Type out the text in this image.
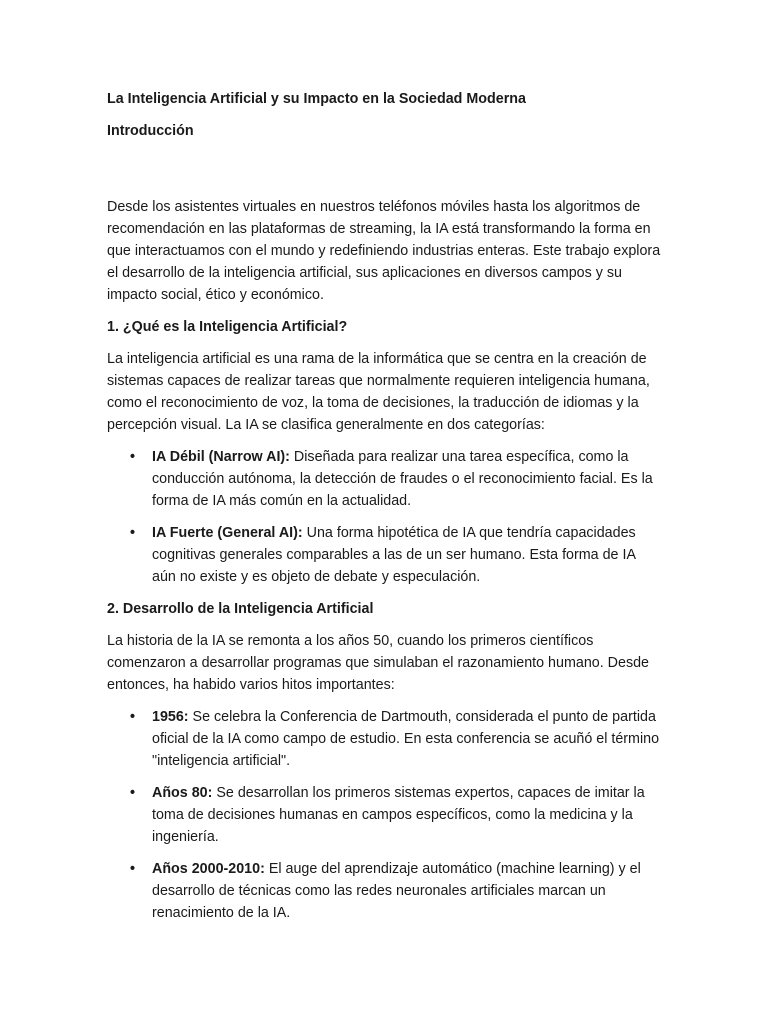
La Inteligencia Artificial y su Impacto en la Sociedad Moderna
Introducción

Desde los asistentes virtuales en nuestros teléfonos móviles hasta los algoritmos de recomendación en las plataformas de streaming, la IA está transformando la forma en que interactuamos con el mundo y redefiniendo industrias enteras. Este trabajo explora el desarrollo de la inteligencia artificial, sus aplicaciones en diversos campos y su impacto social, ético y económico.

1. ¿Qué es la Inteligencia Artificial?

La inteligencia artificial es una rama de la informática que se centra en la creación de sistemas capaces de realizar tareas que normalmente requieren inteligencia humana, como el reconocimiento de voz, la toma de decisiones, la traducción de idiomas y la percepción visual. La IA se clasifica generalmente en dos categorías:

• IA Débil (Narrow AI): Diseñada para realizar una tarea específica, como la conducción autónoma, la detección de fraudes o el reconocimiento facial. Es la forma de IA más común en la actualidad.
• IA Fuerte (General AI): Una forma hipotética de IA que tendría capacidades cognitivas generales comparables a las de un ser humano. Esta forma de IA aún no existe y es objeto de debate y especulación.
2. Desarrollo de la Inteligencia Artificial

La historia de la IA se remonta a los años 50, cuando los primeros científicos comenzaron a desarrollar programas que simulaban el razonamiento humano. Desde entonces, ha habido varios hitos importantes:

• 1956: Se celebra la Conferencia de Dartmouth, considerada el punto de partida oficial de la IA como campo de estudio. En esta conferencia se acuñó el término "inteligencia artificial".
• Años 80: Se desarrollan los primeros sistemas expertos, capaces de imitar la toma de decisiones humanas en campos específicos, como la medicina y la ingeniería.
• Años 2000-2010: El auge del aprendizaje automático (machine learning) y el desarrollo de técnicas como las redes neuronales artificiales marcan un renacimiento de la IA.
